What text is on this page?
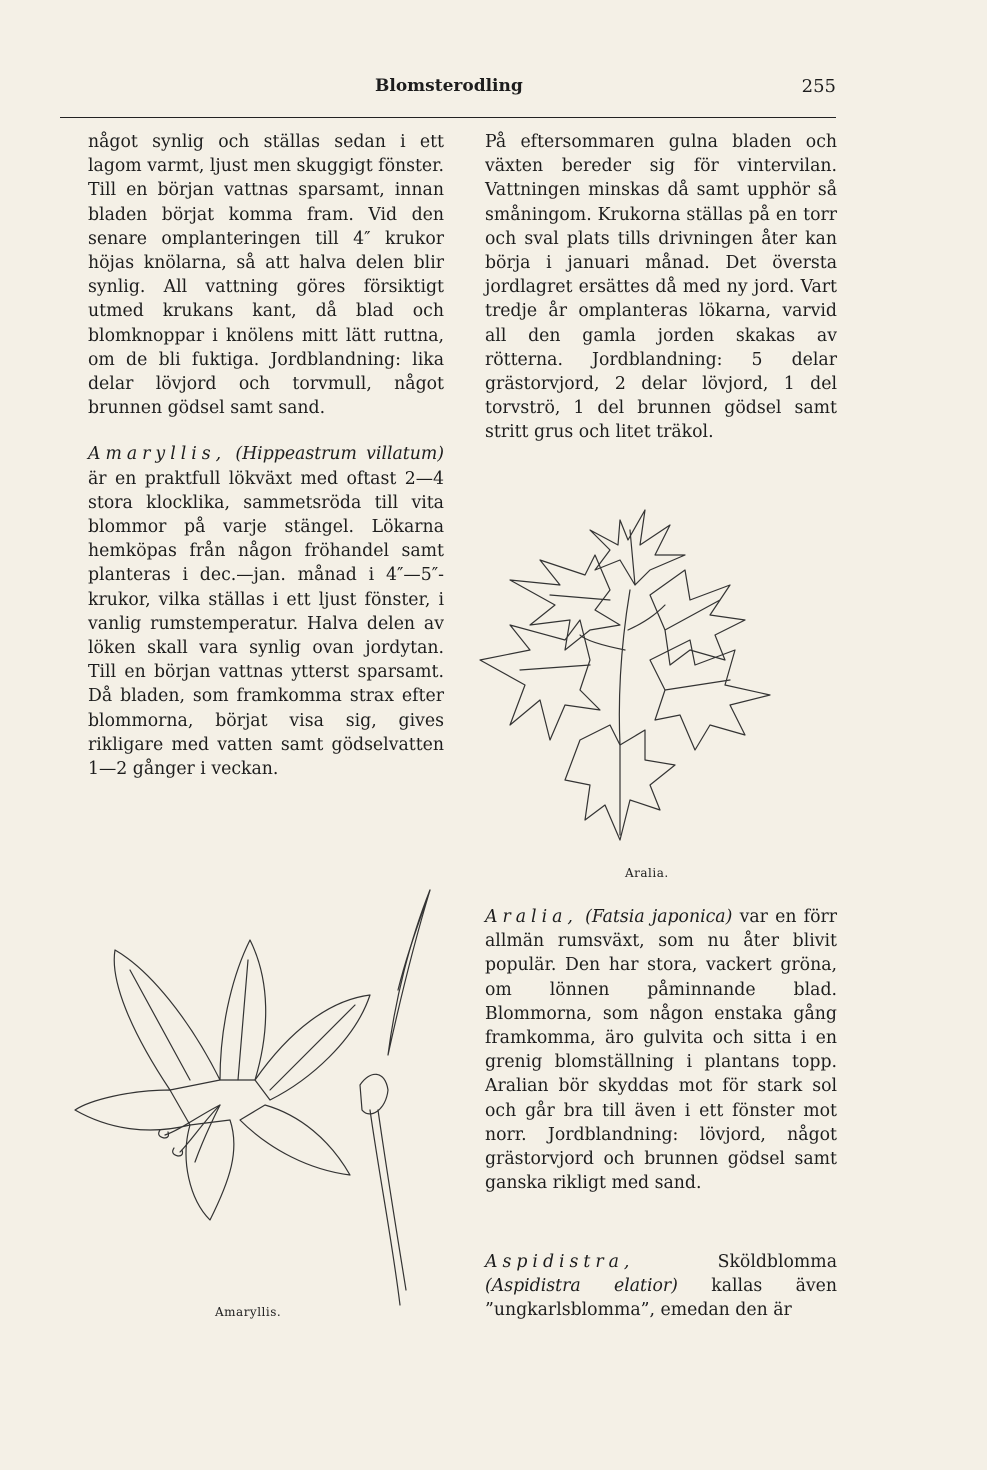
Blomsterodling	255

något synlig och ställas sedan i ett lagom varmt, ljust men skuggigt fönster. Till en början vattnas sparsamt, innan bladen börjat komma fram. Vid den senare omplanteringen till 4″ krukor höjas knölarna, så att halva delen blir synlig. All vattning göres försiktigt utmed krukans kant, då blad och blomknoppar i knölens mitt lätt ruttna, om de bli fuktiga. Jordblandning: lika delar lövjord och torvmull, något brunnen gödsel samt sand.

Amaryllis, (Hippeastrum villatum) är en praktfull lökväxt med oftast 2—4 stora klocklika, sammetsröda till vita blommor på varje stängel. Lökarna hemköpas från någon fröhandel samt planteras i dec.—jan. månad i 4″—5″-krukor, vilka ställas i ett ljust fönster, i vanlig rumstemperatur. Halva delen av löken skall vara synlig ovan jordytan. Till en början vattnas ytterst sparsamt. Då bladen, som framkomma strax efter blommorna, börjat visa sig, gives rikligare med vatten samt gödselvatten 1—2 gånger i veckan.

På eftersommaren gulna bladen och växten bereder sig för vintervilan. Vattningen minskas då samt upphör så småningom. Krukorna ställas på en torr och sval plats tills drivningen åter kan börja i januari månad. Det översta jordlagret ersättes då med ny jord. Vart tredje år omplanteras lökarna, varvid all den gamla jorden skakas av rötterna. Jordblandning: 5 delar grästorvjord, 2 delar lövjord, 1 del torvströ, 1 del brunnen gödsel samt stritt grus och litet träkol.

Aralia.
Amaryllis.
Aralia, (Fatsia japonica) var en förr allmän rumsväxt, som nu åter blivit populär. Den har stora, vackert gröna, om lönnen påminnande blad. Blommorna, som någon enstaka gång framkomma, äro gulvita och sitta i en grenig blomställning i plantans topp. Aralian bör skyddas mot för stark sol och går bra till även i ett fönster mot norr. Jordblandning: lövjord, något grästorvjord och brunnen gödsel samt ganska rikligt med sand.
Aspidistra, Sköldblomma (Aspidistra elatior) kallas även ”ungkarlsblomma”, emedan den är
